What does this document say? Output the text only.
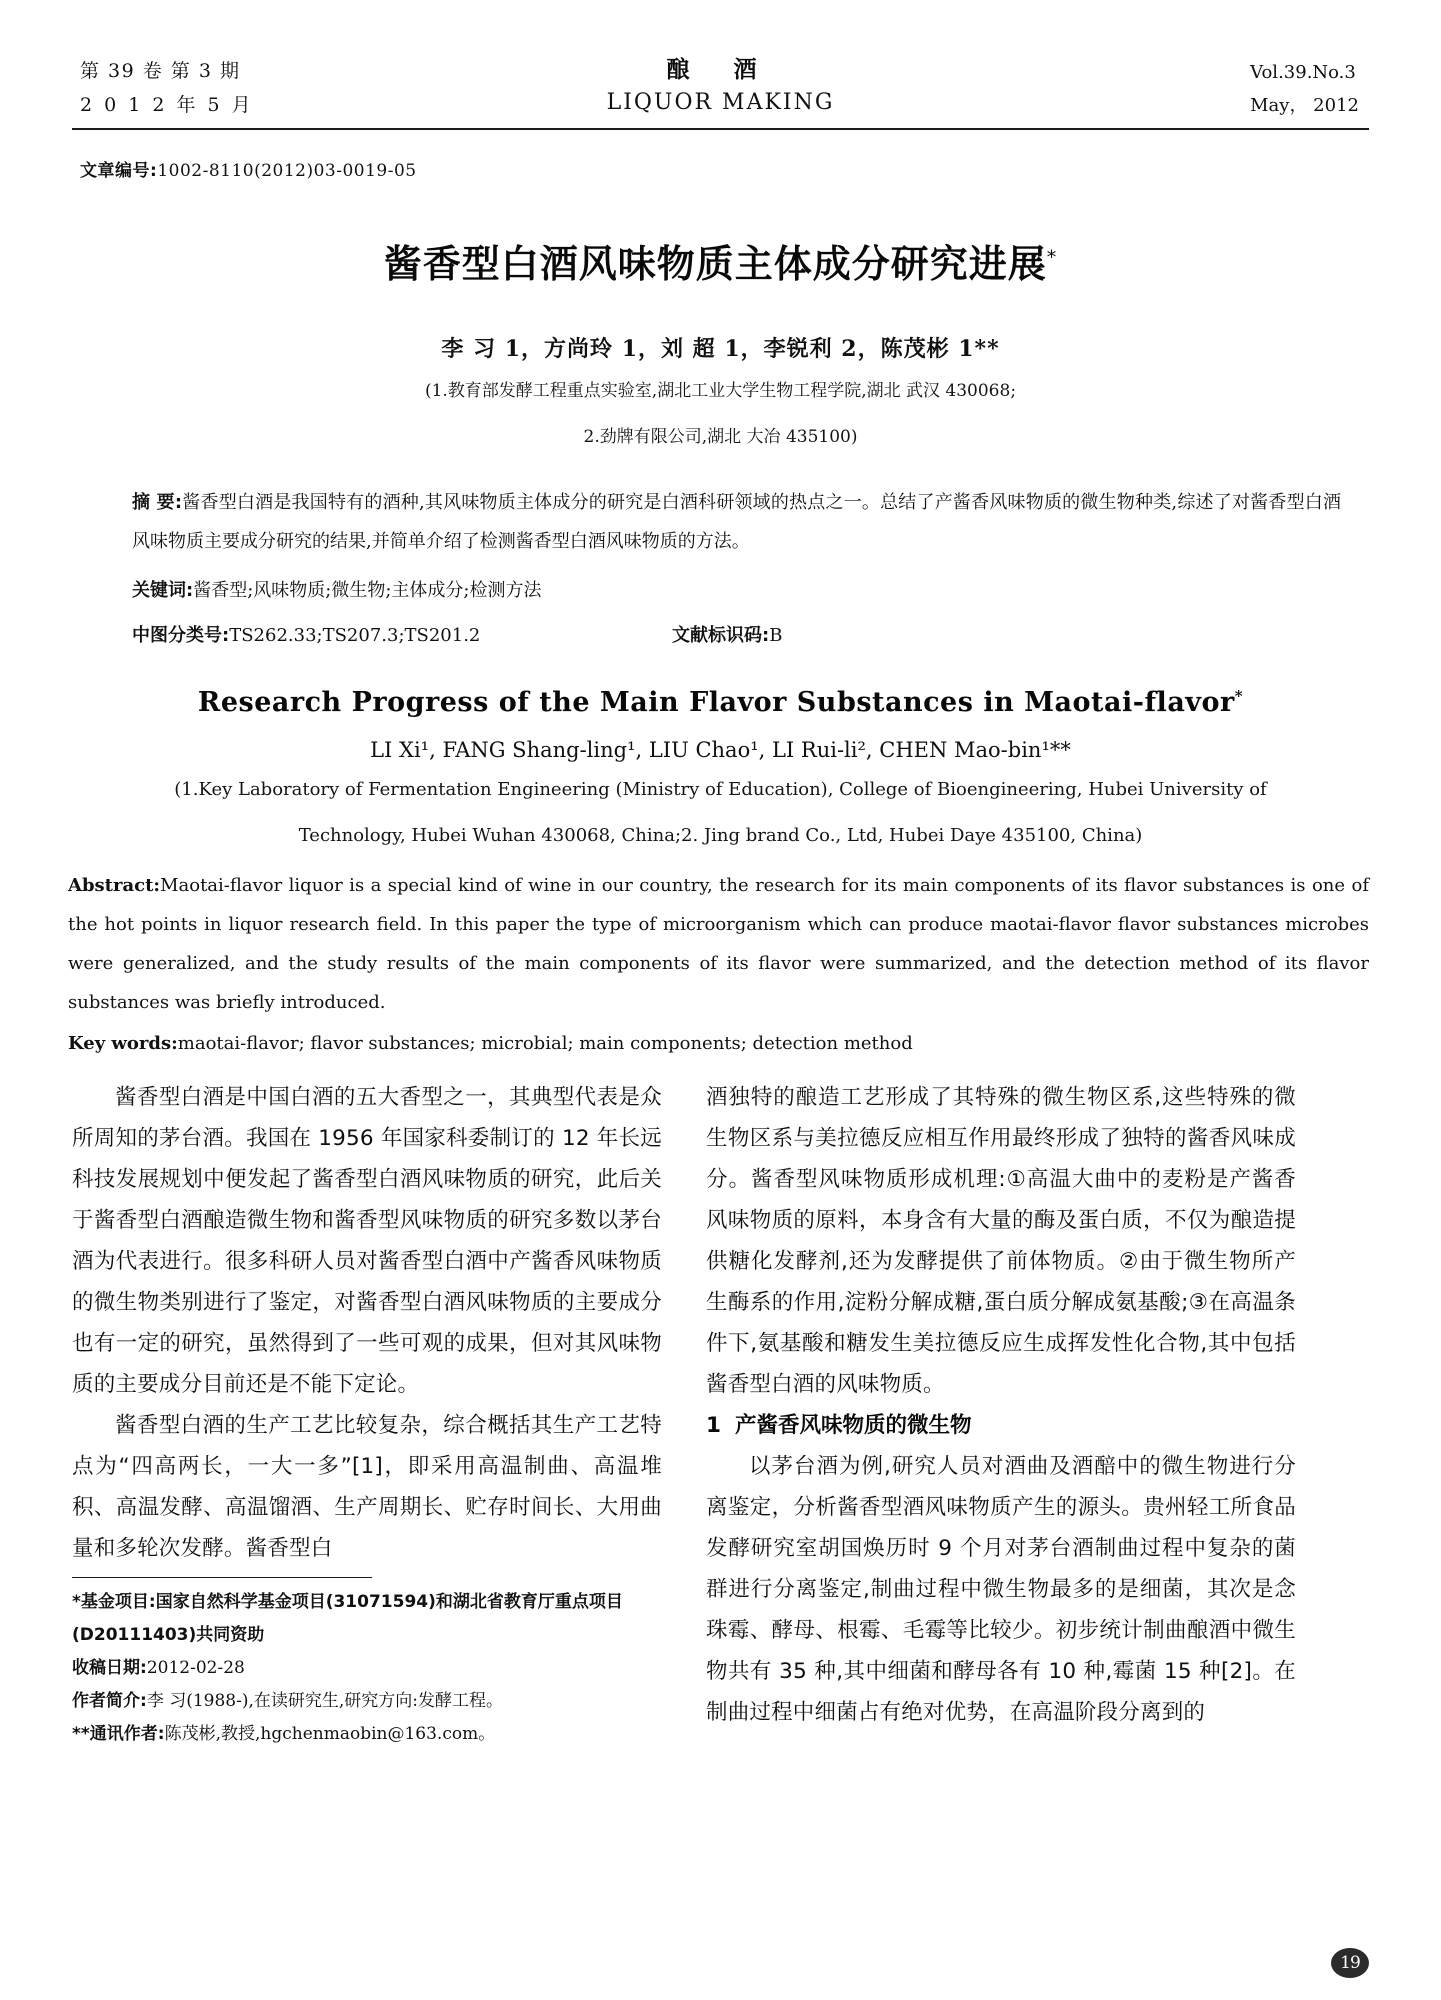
第 39 卷 第 3 期
2 0 1 2 年 5 月
酿 酒
LIQUOR MAKING
Vol.39.No.3
May， 2012
文章编号:1002-8110(2012)03-0019-05
酱香型白酒风味物质主体成分研究进展*
李 习 1，方尚玲 1，刘 超 1，李锐利 2，陈茂彬 1**
(1.教育部发酵工程重点实验室,湖北工业大学生物工程学院,湖北 武汉 430068;
2.劲牌有限公司,湖北 大冶 435100)
摘 要:酱香型白酒是我国特有的酒种,其风味物质主体成分的研究是白酒科研领域的热点之一。总结了产酱香风味物质的微生物种类,综述了对酱香型白酒风味物质主要成分研究的结果,并简单介绍了检测酱香型白酒风味物质的方法。
关键词:酱香型;风味物质;微生物;主体成分;检测方法
中图分类号:TS262.33;TS207.3;TS201.2	文献标识码:B
Research Progress of the Main Flavor Substances in Maotai-flavor*
LI Xi¹, FANG Shang-ling¹, LIU Chao¹, LI Rui-li², CHEN Mao-bin¹**
(1.Key Laboratory of Fermentation Engineering (Ministry of Education), College of Bioengineering, Hubei University of
Technology, Hubei Wuhan 430068, China;2. Jing brand Co., Ltd, Hubei Daye 435100, China)
Abstract:Maotai-flavor liquor is a special kind of wine in our country, the research for its main components of its flavor substances is one of the hot points in liquor research field. In this paper the type of microorganism which can produce maotai-flavor flavor substances microbes were generalized, and the study results of the main components of its flavor were summarized, and the detection method of its flavor substances was briefly introduced.
Key words:maotai-flavor; flavor substances; microbial; main components; detection method

酱香型白酒是中国白酒的五大香型之一，其典型代表是众所周知的茅台酒。我国在 1956 年国家科委制订的 12 年长远科技发展规划中便发起了酱香型白酒风味物质的研究，此后关于酱香型白酒酿造微生物和酱香型风味物质的研究多数以茅台酒为代表进行。很多科研人员对酱香型白酒中产酱香风味物质的微生物类别进行了鉴定，对酱香型白酒风味物质的主要成分也有一定的研究，虽然得到了一些可观的成果，但对其风味物质的主要成分目前还是不能下定论。

酱香型白酒的生产工艺比较复杂，综合概括其生产工艺特点为“四高两长，一大一多”[1]，即采用高温制曲、高温堆积、高温发酵、高温馏酒、生产周期长、贮存时间长、大用曲量和多轮次发酵。酱香型白

*基金项目:国家自然科学基金项目(31071594)和湖北省教育厅重点项目(D20111403)共同资助

收稿日期:2012-02-28

作者简介:李 习(1988-),在读研究生,研究方向:发酵工程。

**通讯作者:陈茂彬,教授,hgchenmaobin@163.com。

酒独特的酿造工艺形成了其特殊的微生物区系,这些特殊的微生物区系与美拉德反应相互作用最终形成了独特的酱香风味成分。酱香型风味物质形成机理:①高温大曲中的麦粉是产酱香风味物质的原料，本身含有大量的酶及蛋白质，不仅为酿造提供糖化发酵剂,还为发酵提供了前体物质。②由于微生物所产生酶系的作用,淀粉分解成糖,蛋白质分解成氨基酸;③在高温条件下,氨基酸和糖发生美拉德反应生成挥发性化合物,其中包括酱香型白酒的风味物质。

1 产酱香风味物质的微生物

以茅台酒为例,研究人员对酒曲及酒醅中的微生物进行分离鉴定，分析酱香型酒风味物质产生的源头。贵州轻工所食品发酵研究室胡国焕历时 9 个月对茅台酒制曲过程中复杂的菌群进行分离鉴定,制曲过程中微生物最多的是细菌，其次是念珠霉、酵母、根霉、毛霉等比较少。初步统计制曲酿酒中微生物共有 35 种,其中细菌和酵母各有 10 种,霉菌 15 种[2]。在制曲过程中细菌占有绝对优势，在高温阶段分离到的

19
